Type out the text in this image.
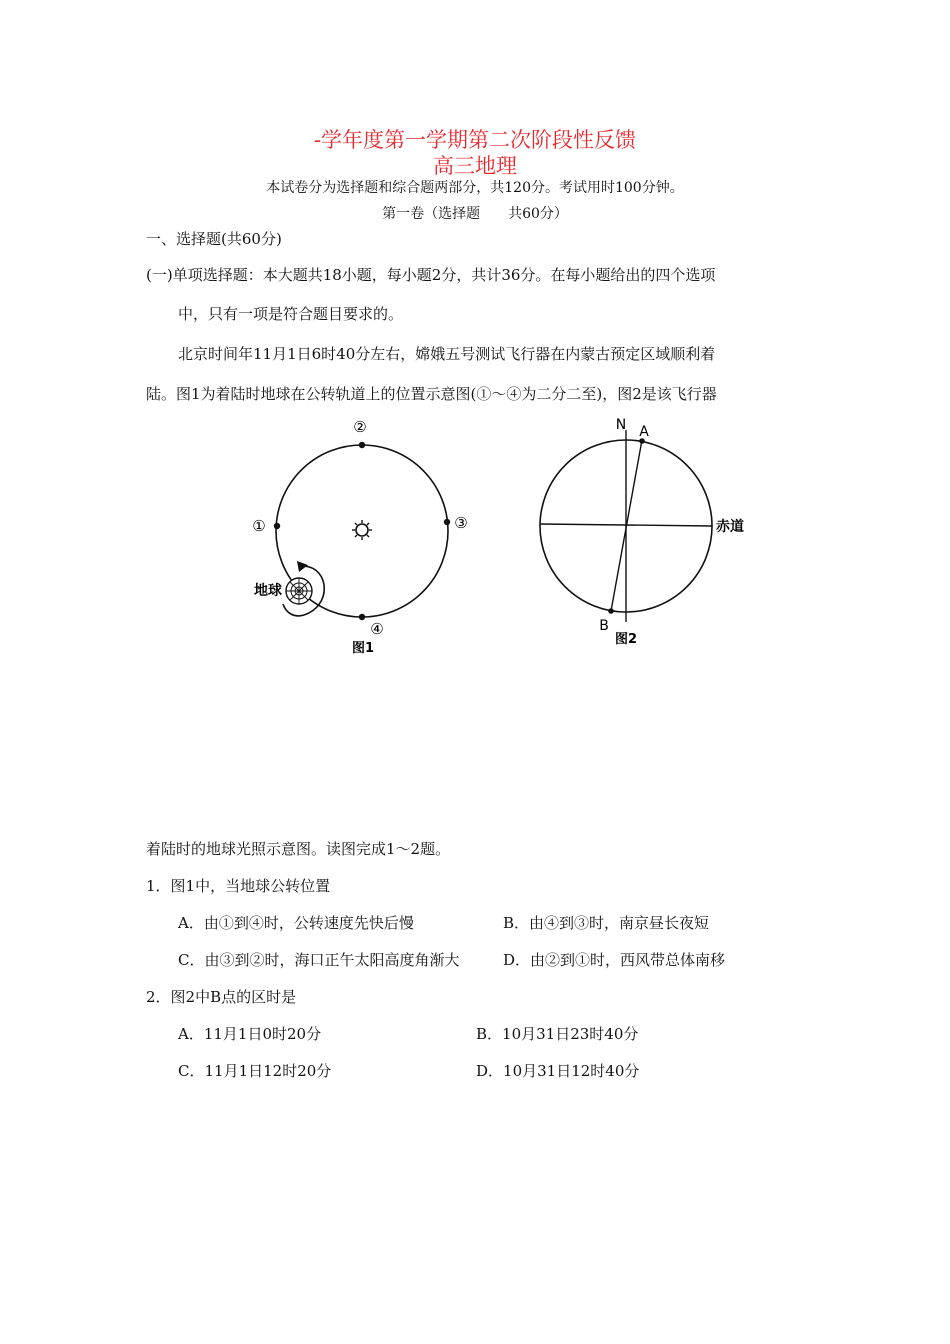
-学年度第一学期第二次阶段性反馈
高三地理
本试卷分为选择题和综合题两部分，共120分。考试用时100分钟。
第一卷（选择题　　共60分）
一、选择题(共60分)
(一)单项选择题：本大题共18小题，每小题2分，共计36分。在每小题给出的四个选项
中，只有一项是符合题目要求的。
北京时间年11月1日6时40分左右，嫦娥五号测试飞行器在内蒙古预定区域顺利着
陆。图1为着陆时地球在公转轨道上的位置示意图(①～④为二分二至)，图2是该飞行器
②
①	③
④
地球
图1
N A
B
赤道
图2
着陆时的地球光照示意图。读图完成1～2题。
1．图1中，当地球公转位置
A．由①到④时，公转速度先快后慢	B．由④到③时，南京昼长夜短
C．由③到②时，海口正午太阳高度角渐大	D．由②到①时，西风带总体南移
2．图2中B点的区时是
A．11月1日0时20分	B．10月31日23时40分
C．11月1日12时20分	D．10月31日12时40分
